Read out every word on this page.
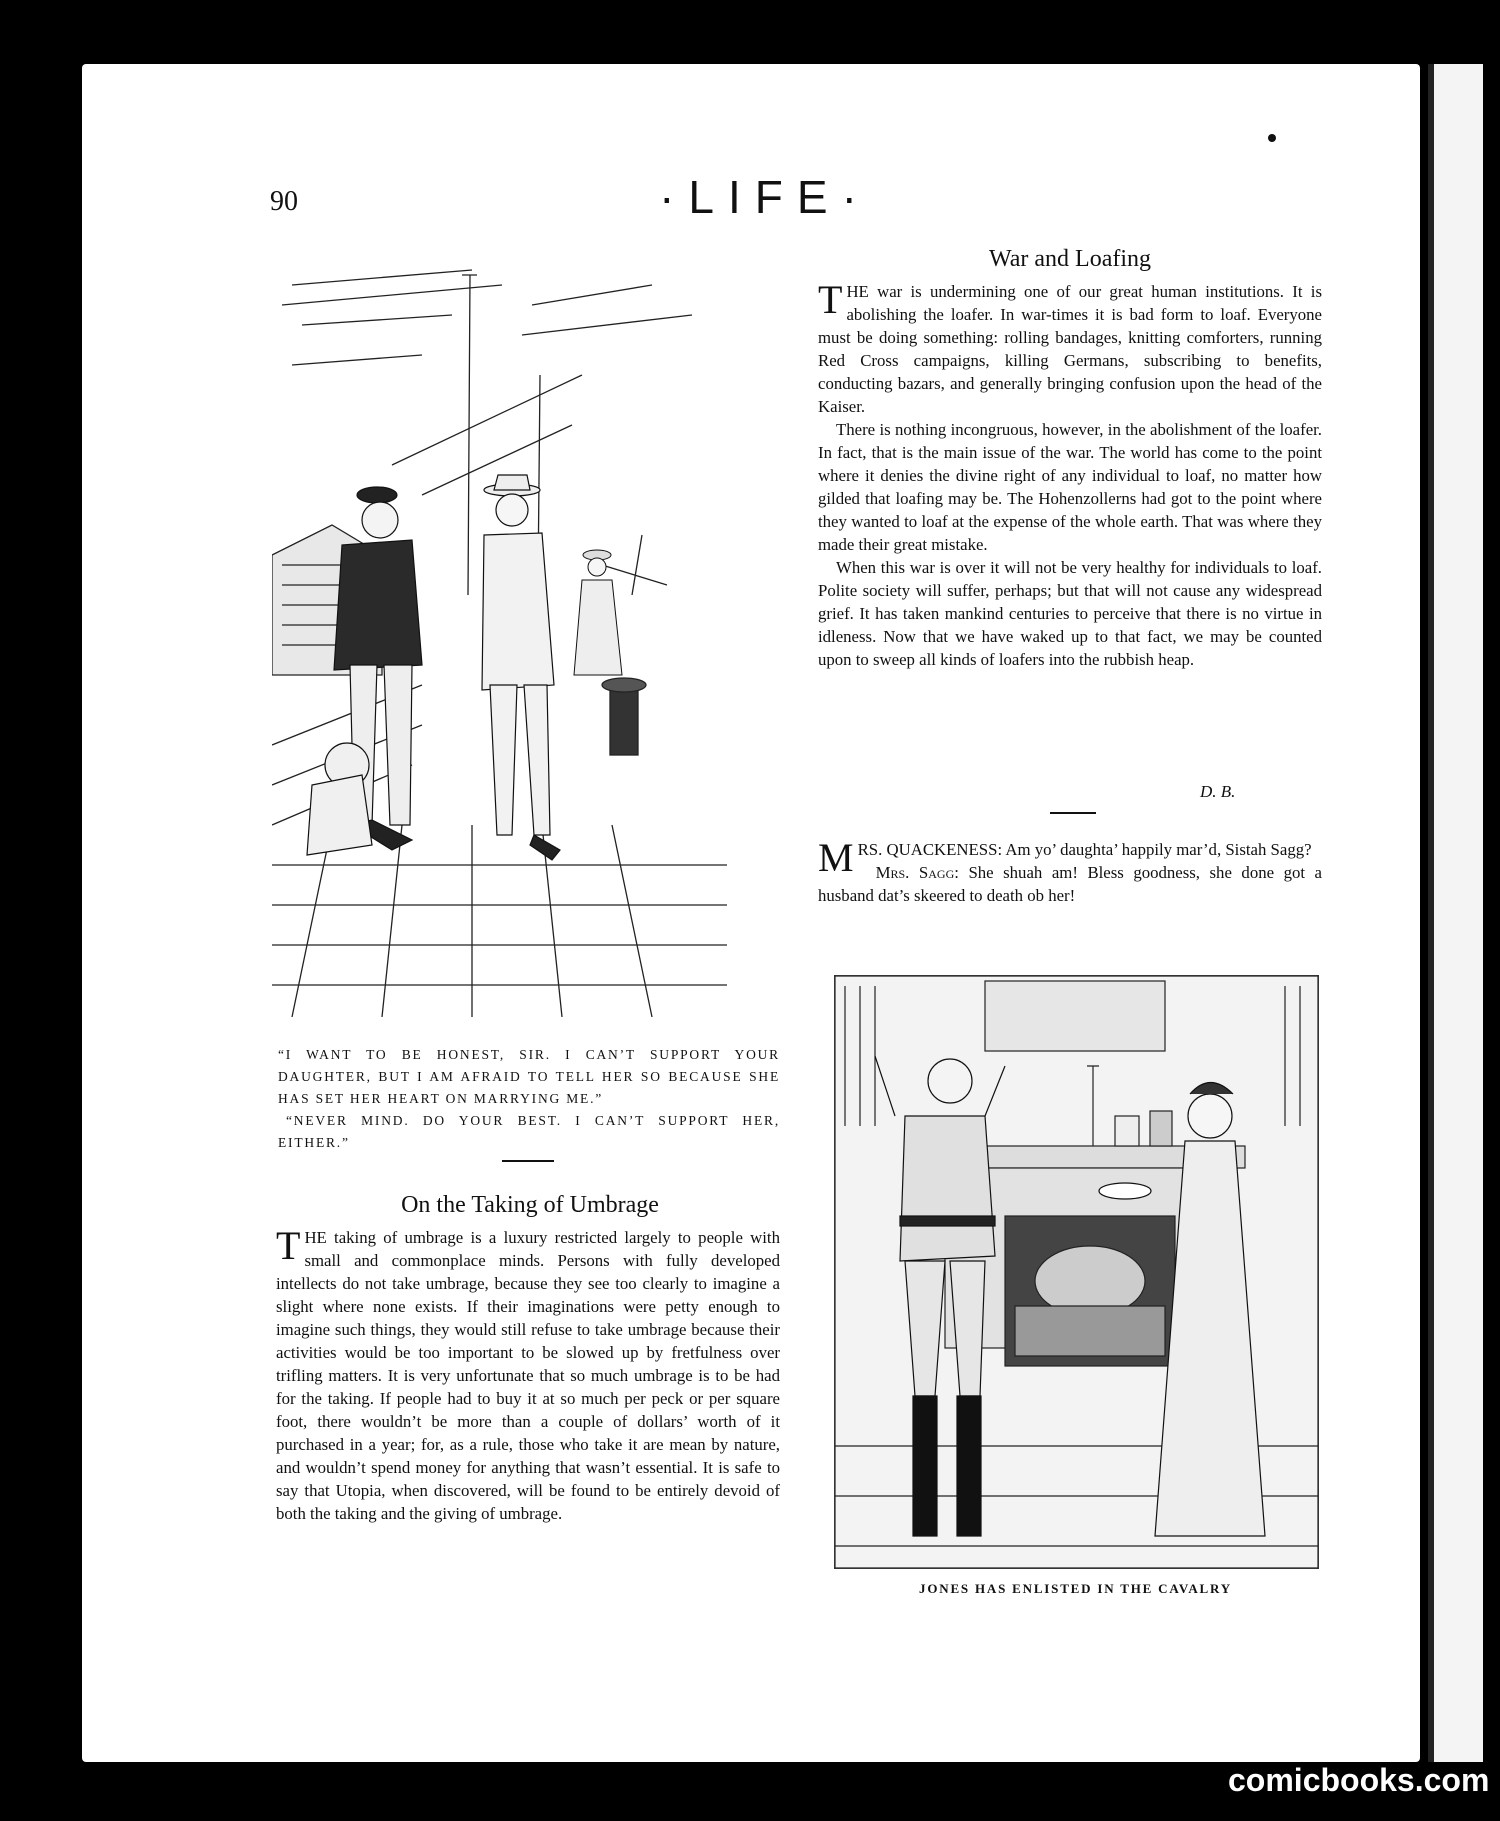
90	·LIFE·

“I WANT TO BE HONEST, SIR. I CAN’T SUPPORT YOUR DAUGHTER, BUT I AM AFRAID TO TELL HER SO BECAUSE SHE HAS SET HER HEART ON MARRYING ME.”

“NEVER MIND. DO YOUR BEST. I CAN’T SUPPORT HER, EITHER.”

War and Loafing

THE war is undermining one of our great human institutions. It is abolishing the loafer. In war-times it is bad form to loaf. Everyone must be doing something: rolling bandages, knitting comforters, running Red Cross campaigns, killing Germans, subscribing to benefits, conducting bazars, and generally bringing confusion upon the head of the Kaiser.

There is nothing incongruous, however, in the abolishment of the loafer. In fact, that is the main issue of the war. The world has come to the point where it denies the divine right of any individual to loaf, no matter how gilded that loafing may be. The Hohenzollerns had got to the point where they wanted to loaf at the expense of the whole earth. That was where they made their great mistake.

When this war is over it will not be very healthy for individuals to loaf. Polite society will suffer, perhaps; but that will not cause any widespread grief. It has taken mankind centuries to perceive that there is no virtue in idleness. Now that we have waked up to that fact, we may be counted upon to sweep all kinds of loafers into the rubbish heap.

D. B.

MRS. QUACKENESS: Am yo’ daughta’ happily mar’d, Sistah Sagg?

Mrs. Sagg: She shuah am! Bless goodness, she done got a husband dat’s skeered to death ob her!

JONES HAS ENLISTED IN THE CAVALRY
On the Taking of Umbrage

THE taking of umbrage is a luxury restricted largely to people with small and commonplace minds. Persons with fully developed intellects do not take umbrage, because they see too clearly to imagine a slight where none exists. If their imaginations were petty enough to imagine such things, they would still refuse to take umbrage because their activities would be too important to be slowed up by fretfulness over trifling matters. It is very unfortunate that so much umbrage is to be had for the taking. If people had to buy it at so much per peck or per square foot, there wouldn’t be more than a couple of dollars’ worth of it purchased in a year; for, as a rule, those who take it are mean by nature, and wouldn’t spend money for anything that wasn’t essential. It is safe to say that Utopia, when discovered, will be found to be entirely devoid of both the taking and the giving of umbrage.

comicbooks.com
